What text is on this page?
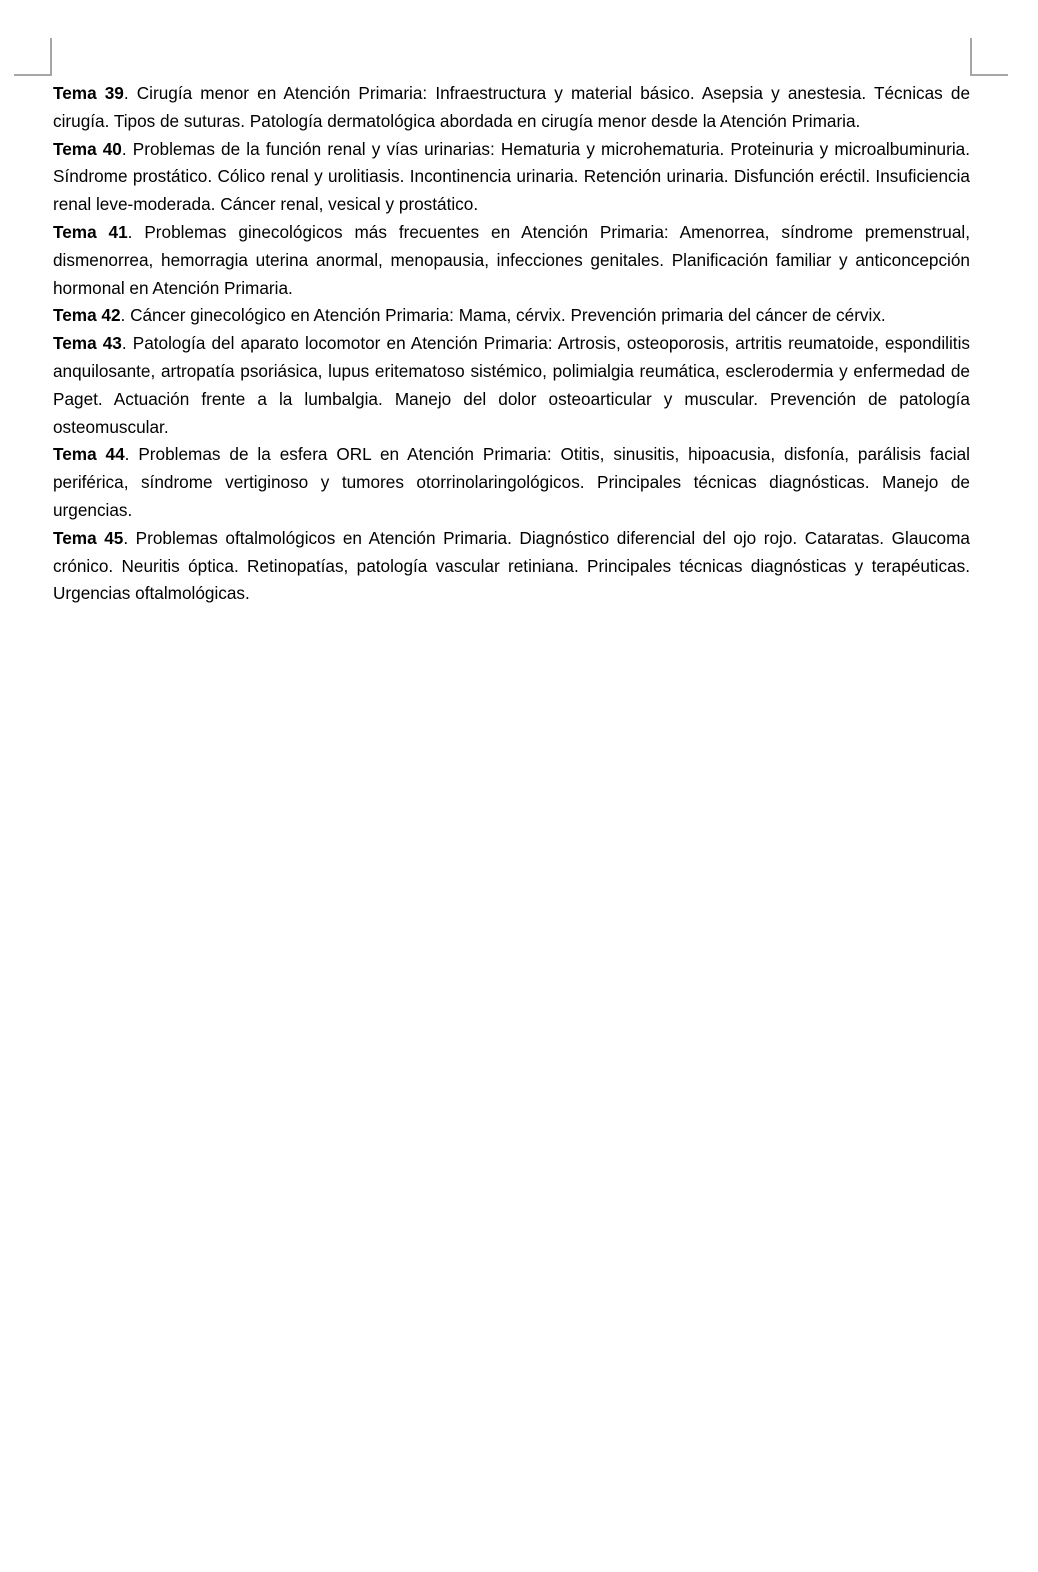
Tema 39. Cirugía menor en Atención Primaria: Infraestructura y material básico. Asepsia y anestesia. Técnicas de cirugía. Tipos de suturas. Patología dermatológica abordada en cirugía menor desde la Atención Primaria.

Tema 40. Problemas de la función renal y vías urinarias: Hematuria y microhematuria. Proteinuria y microalbuminuria. Síndrome prostático. Cólico renal y urolitiasis. Incontinencia urinaria. Retención urinaria. Disfunción eréctil. Insuficiencia renal leve-moderada. Cáncer renal, vesical y prostático.

Tema 41. Problemas ginecológicos más frecuentes en Atención Primaria: Amenorrea, síndrome premenstrual, dismenorrea, hemorragia uterina anormal, menopausia, infecciones genitales. Planificación familiar y anticoncepción hormonal en Atención Primaria.

Tema 42. Cáncer ginecológico en Atención Primaria: Mama, cérvix. Prevención primaria del cáncer de cérvix.

Tema 43. Patología del aparato locomotor en Atención Primaria: Artrosis, osteoporosis, artritis reumatoide, espondilitis anquilosante, artropatía psoriásica, lupus eritematoso sistémico, polimialgia reumática, esclerodermia y enfermedad de Paget. Actuación frente a la lumbalgia. Manejo del dolor osteoarticular y muscular. Prevención de patología osteomuscular.

Tema 44. Problemas de la esfera ORL en Atención Primaria: Otitis, sinusitis, hipoacusia, disfonía, parálisis facial periférica, síndrome vertiginoso y tumores otorrinolaringológicos. Principales técnicas diagnósticas. Manejo de urgencias.

Tema 45. Problemas oftalmológicos en Atención Primaria. Diagnóstico diferencial del ojo rojo. Cataratas. Glaucoma crónico. Neuritis óptica. Retinopatías, patología vascular retiniana. Principales técnicas diagnósticas y terapéuticas. Urgencias oftalmológicas.
